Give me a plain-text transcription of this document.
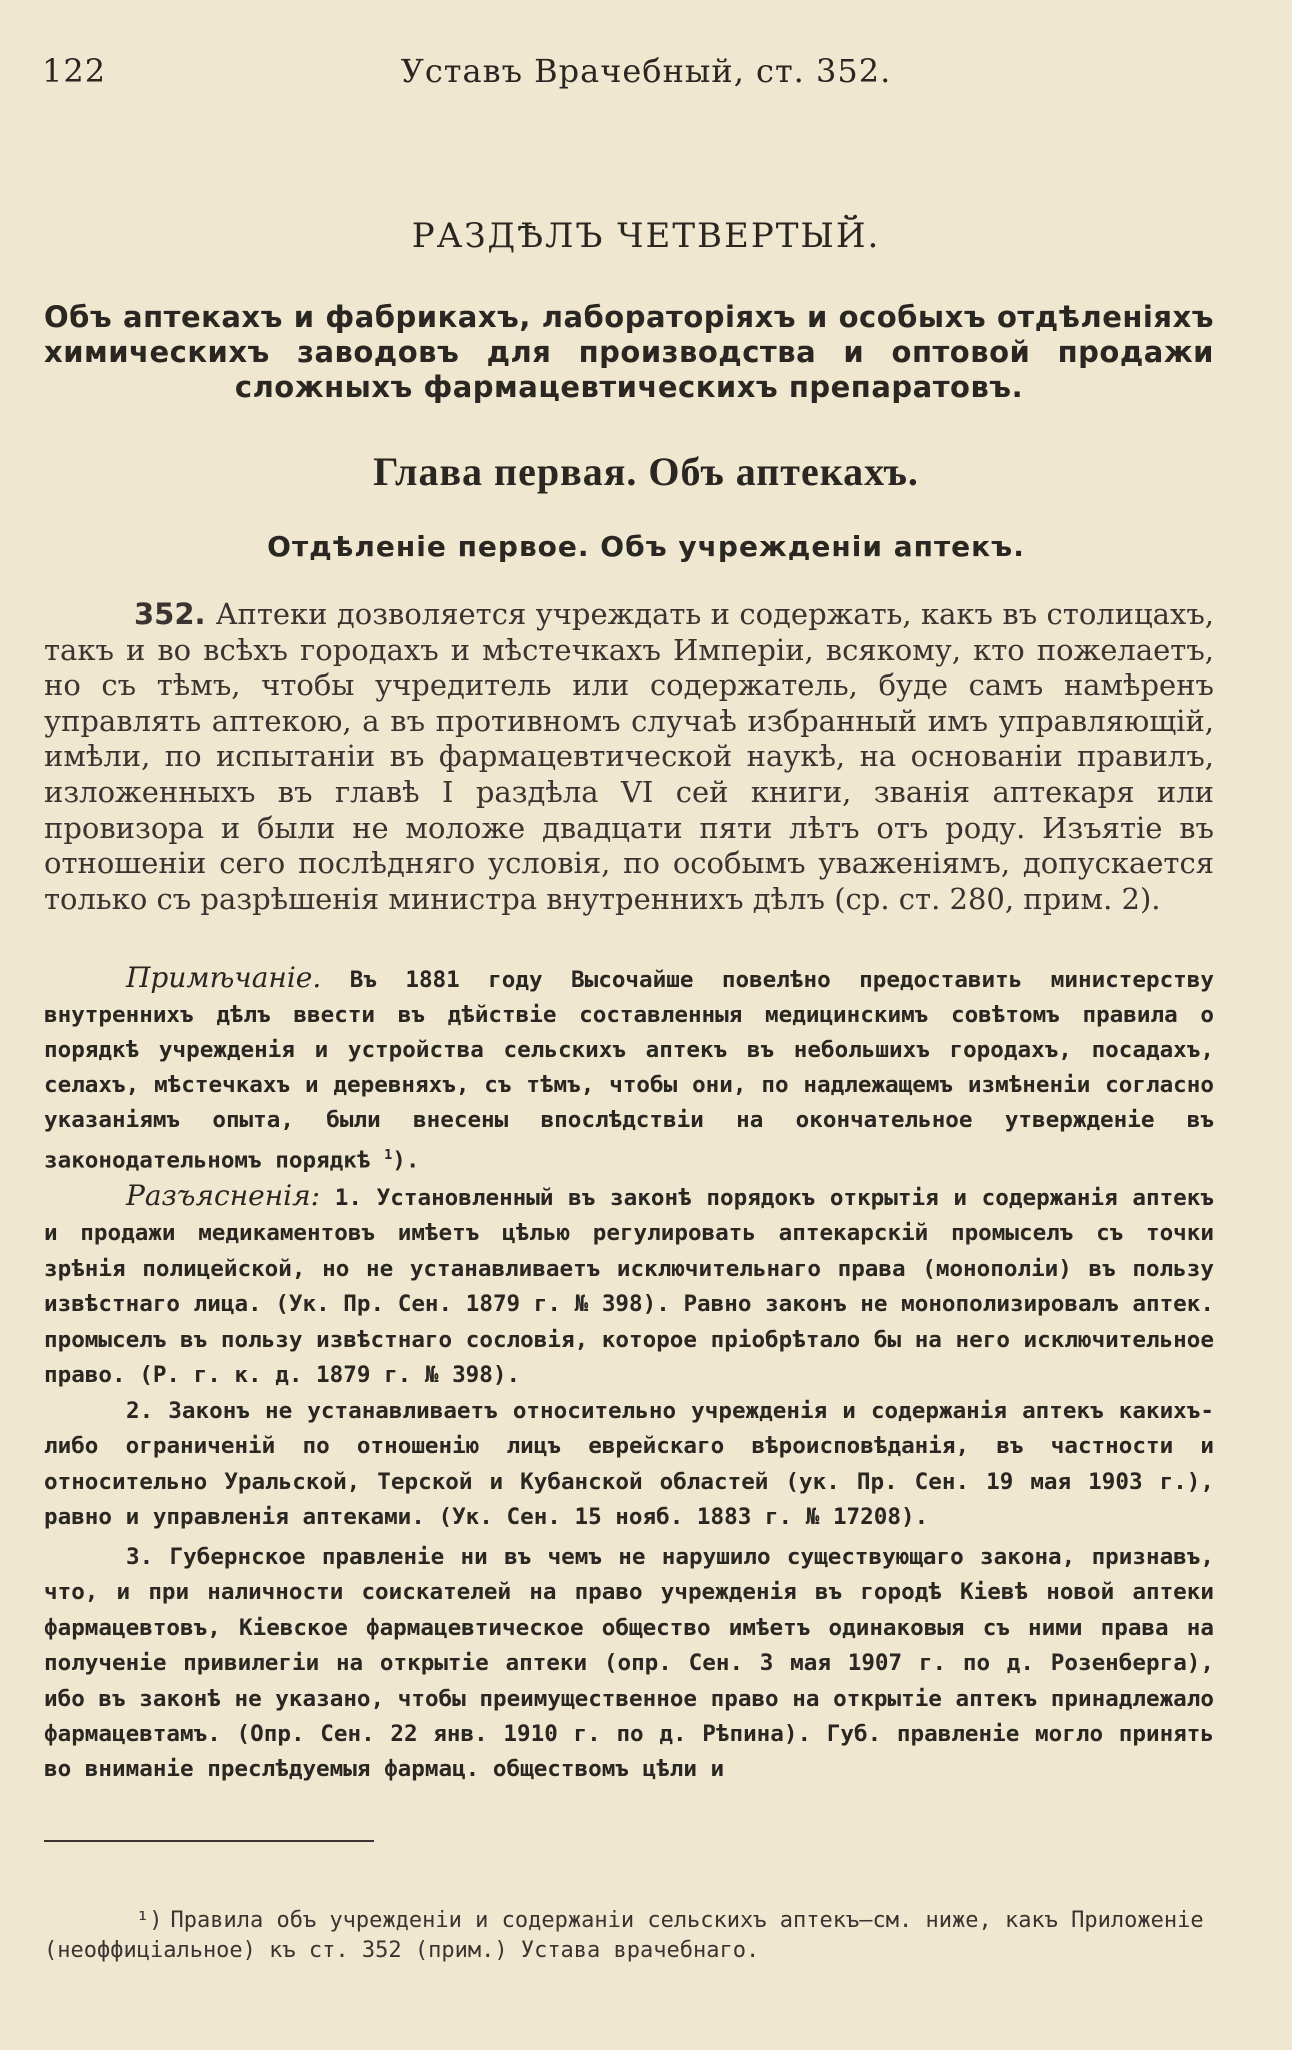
122	Уставъ Врачебный, ст. 352.
РАЗДѢЛЪ ЧЕТВЕРТЫЙ.
Объ аптекахъ и фабрикахъ, лабораторіяхъ и особыхъ отдѣленіяхъ химическихъ заводовъ для производства и оптовой продажи сложныхъ фармацевтическихъ препаратовъ.
Глава первая. Объ аптекахъ.
Отдѣленіе первое. Объ учрежденіи аптекъ.
352. Аптеки дозволяется учреждать и содержать, какъ въ столицахъ, такъ и во всѣхъ городахъ и мѣстечкахъ Имперіи, всякому, кто пожелаетъ, но съ тѣмъ, чтобы учредитель или содержатель, буде самъ намѣренъ управлять аптекою, а въ противномъ случаѣ избранный имъ управляющій, имѣли, по испытаніи въ фармацевтической наукѣ, на основаніи правилъ, изложенныхъ въ главѣ I раздѣла VI сей книги, званія аптекаря или провизора и были не моложе двадцати пяти лѣтъ отъ роду. Изъятіе въ отношеніи сего послѣдняго условія, по особымъ уваженіямъ, допускается только съ разрѣшенія министра внутреннихъ дѣлъ (ср. ст. 280, прим. 2).
Примѣчаніе. Въ 1881 году Высочайше повелѣно предоставить министерству внутреннихъ дѣлъ ввести въ дѣйствіе составленныя медицинскимъ совѣтомъ правила о порядкѣ учрежденія и устройства сельскихъ аптекъ въ небольшихъ городахъ, посадахъ, селахъ, мѣстечкахъ и деревняхъ, съ тѣмъ, чтобы они, по надлежащемъ измѣненіи согласно указаніямъ опыта, были внесены впослѣдствіи на окончательное утвержденіе въ законодательномъ порядкѣ $^1$).
Разъясненія: 1. Установленный въ законѣ порядокъ открытія и содержанія аптекъ и продажи медикаментовъ имѣетъ цѣлью регулировать аптекарскій промыселъ съ точки зрѣнія полицейской, но не устанавливаетъ исключительнаго права (монополіи) въ пользу извѣстнаго лица. (Ук. Пр. Сен. 1879 г. № 398). Равно законъ не монополизировалъ аптек. промыселъ въ пользу извѣстнаго сословія, которое пріобрѣтало бы на него исключительное право. (Р. г. к. д. 1879 г. № 398).
2. Законъ не устанавливаетъ относительно учрежденія и содержанія аптекъ какихъ-либо ограниченій по отношенію лицъ еврейскаго вѣроисповѣданія, въ частности и относительно Уральской, Терской и Кубанской областей (ук. Пр. Сен. 19 мая 1903 г.), равно и управленія аптеками. (Ук. Сен. 15 нояб. 1883 г. № 17208).
3. Губернское правленіе ни въ чемъ не нарушило существующаго закона, признавъ, что, и при наличности соискателей на право учрежденія въ городѣ Кіевѣ новой аптеки фармацевтовъ, Кіевское фармацевтическое общество имѣетъ одинаковыя съ ними права на полученіе привилегіи на открытіе аптеки (опр. Сен. 3 мая 1907 г. по д. Розенберга), ибо въ законѣ не указано, чтобы преимущественное право на открытіе аптекъ принадлежало фармацевтамъ. (Опр. Сен. 22 янв. 1910 г. по д. Рѣпина). Губ. правленіе могло принять во вниманіе преслѣдуемыя фармац. обществомъ цѣли и
¹) Правила объ учрежденіи и содержаніи сельскихъ аптекъ—см. ниже, какъ Приложеніе (неоффиціальное) къ ст. 352 (прим.) Устава врачебнаго.
